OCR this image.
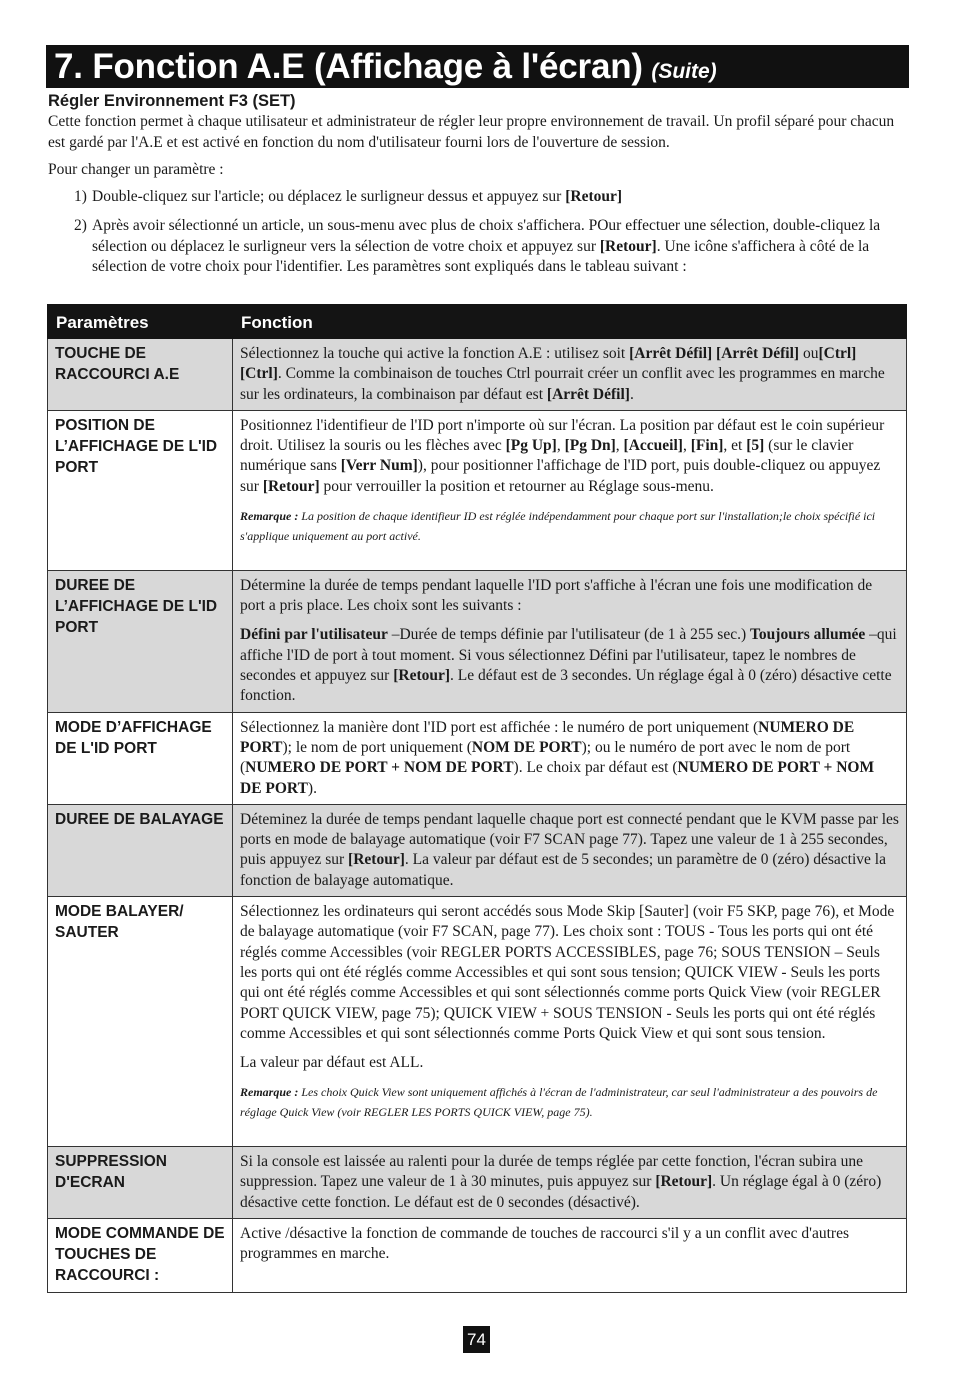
7. Fonction A.E (Affichage à l'écran) (Suite)
Régler Environnement F3 (SET)

Cette fonction permet à chaque utilisateur et administrateur de régler leur propre environnement de travail. Un profil séparé pour chacun est gardé par l'A.E et est activé en fonction du nom d'utilisateur fourni lors de l'ouverture de session.

Pour changer un paramètre :
1) Double-cliquez sur l'article; ou déplacez le surligneur dessus et appuyez sur [Retour]
2) Après avoir sélectionné un article, un sous-menu avec plus de choix s'affichera. POur effectuer une sélection, double-cliquez la sélection ou déplacez le surligneur vers la sélection de votre choix et appuyez sur [Retour]. Une icône s'affichera à côté de la sélection de votre choix pour l'identifier. Les paramètres sont expliqués dans le tableau suivant :
Paramètres	Fonction
TOUCHE DE RACCOURCI A.E	Sélectionnez la touche qui active la fonction A.E : utilisez soit [Arrêt Défil] [Arrêt Défil] ou[Ctrl] [Ctrl]. Comme la combinaison de touches Ctrl pourrait créer un conflit avec les programmes en marche sur les ordinateurs, la combinaison par défaut est [Arrêt Défil].

POSITION DE L’AFFICHAGE DE L'ID PORT	Positionnez l'identifieur de l'ID port n'importe où sur l'écran. La position par défaut est le coin supérieur droit. Utilisez la souris ou les flèches avec [Pg Up], [Pg Dn], [Accueil], [Fin], et [5] (sur le clavier numérique sans [Verr Num]), pour positionner l'affichage de l'ID port, puis double-cliquez ou appuyez sur [Retour] pour verrouiller la position et retourner au Réglage sous-menu.

Remarque : La position de chaque identifieur ID est réglée indépendamment pour chaque port sur l'installation;le choix spécifié ici s'applique uniquement au port activé.

DUREE DE L’AFFICHAGE DE L'ID PORT	Détermine la durée de temps pendant laquelle l'ID port s'affiche à l'écran une fois une modification de port a pris place. Les choix sont les suivants :

Défini par l'utilisateur –Durée de temps définie par l'utilisateur (de 1 à 255 sec.) Toujours allumée –qui affiche l'ID de port à tout moment. Si vous sélectionnez Défini par l'utilisateur, tapez le nombres de secondes et appuyez sur [Retour]. Le défaut est de 3 secondes. Un réglage égal à 0 (zéro) désactive cette fonction.

MODE D’AFFICHAGE DE L'ID PORT	Sélectionnez la manière dont l'ID port est affichée : le numéro de port uniquement (NUMERO DE PORT); le nom de port uniquement (NOM DE PORT); ou le numéro de port avec le nom de port (NUMERO DE PORT + NOM DE PORT). Le choix par défaut est (NUMERO DE PORT + NOM DE PORT).

DUREE DE BALAYAGE	Déteminez la durée de temps pendant laquelle chaque port est connecté pendant que le KVM passe par les ports en mode de balayage automatique (voir F7 SCAN page 77). Tapez une valeur de 1 à 255 secondes, puis appuyez sur [Retour]. La valeur par défaut est de 5 secondes; un paramètre de 0 (zéro) désactive la fonction de balayage automatique.

MODE BALAYER/ SAUTER	Sélectionnez les ordinateurs qui seront accédés sous Mode Skip [Sauter] (voir F5 SKP, page 76), et Mode de balayage automatique (voir F7 SCAN, page 77). Les choix sont : TOUS - Tous les ports qui ont été réglés comme Accessibles (voir REGLER PORTS ACCESSIBLES, page 76; SOUS TENSION – Seuls les ports qui ont été réglés comme Accessibles et qui sont sous tension; QUICK VIEW - Seuls les ports qui ont été réglés comme Accessibles et qui sont sélectionnés comme ports Quick View (voir REGLER PORT QUICK VIEW, page 75); QUICK VIEW + SOUS TENSION - Seuls les ports qui ont été réglés comme Accessibles et qui sont sélectionnés comme Ports Quick View et qui sont sous tension.

La valeur par défaut est ALL.

Remarque : Les choix Quick View sont uniquement affichés à l'écran de l'administrateur, car seul l'administrateur a des pouvoirs de réglage Quick View (voir REGLER LES PORTS QUICK VIEW, page 75).

SUPPRESSION D'ECRAN	Si la console est laissée au ralenti pour la durée de temps réglée par cette fonction, l'écran subira une suppression. Tapez une valeur de 1 à 30 minutes, puis appuyez sur [Retour]. Un réglage égal à 0 (zéro) désactive cette fonction. Le défaut est de 0 secondes (désactivé).

MODE COMMANDE DE TOUCHES DE RACCOURCI :	Active /désactive la fonction de commande de touches de raccourci s'il y a un conflit avec d'autres programmes en marche.

74
